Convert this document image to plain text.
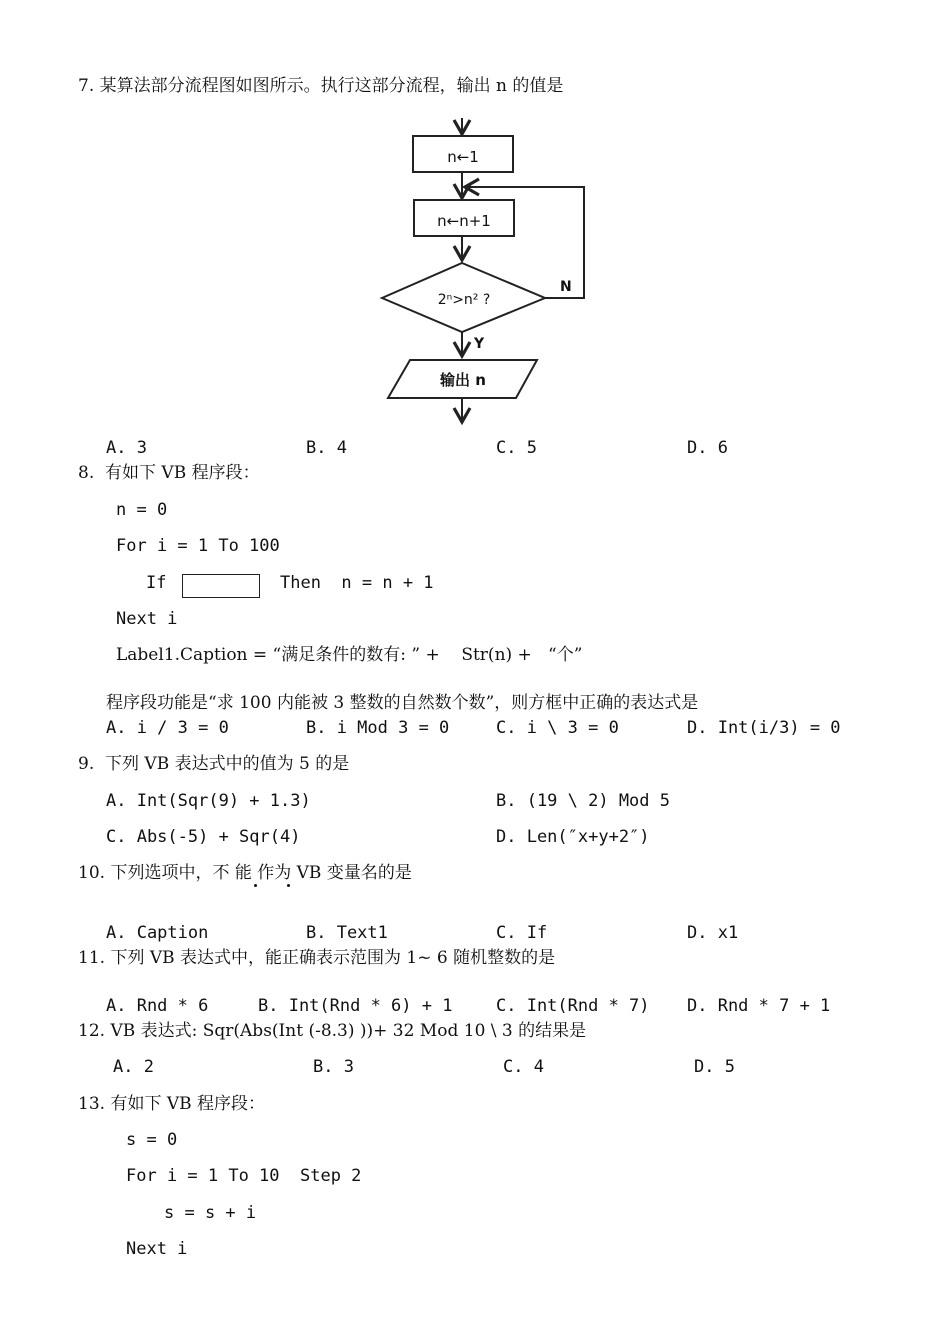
7. 某算法部分流程图如图所示。执行这部分流程，输出 n 的值是
n←1
n←n+1
2ⁿ>n² ?
N
Y
输出 n
A. 3	B. 4	C. 5	D. 6
8.  有如下 VB 程序段：
n = 0
For i = 1 To 100
If	Then  n = n + 1
Next i
Label1.Caption = “满足条件的数有: ” +    Str(n) +   “个”
程序段功能是“求 100 内能被 3 整数的自然数个数”，则方框中正确的表达式是
A. i / 3 = 0	B. i Mod 3 = 0	C. i \ 3 = 0	D. Int(i/3) = 0
9.  下列 VB 表达式中的值为 5 的是
A. Int(Sqr(9) + 1.3)	B. (19 \ 2) Mod 5
C. Abs(-5) + Sqr(4)	D. Len(″x+y+2″)
10. 下列选项中，不 能 作为 VB 变量名的是
A. Caption	B. Text1	C. If	D. x1
11. 下列 VB 表达式中，能正确表示范围为 1~ 6 随机整数的是
A. Rnd * 6	B. Int(Rnd * 6) + 1	C. Int(Rnd * 7) D. Rnd * 7 + 1
12. VB 表达式: Sqr(Abs(Int (-8.3) ))+ 32 Mod 10 \ 3 的结果是
A. 2	B. 3	C. 4	D. 5
13. 有如下 VB 程序段：
s = 0
For i = 1 To 10  Step 2
s = s + i
Next i
